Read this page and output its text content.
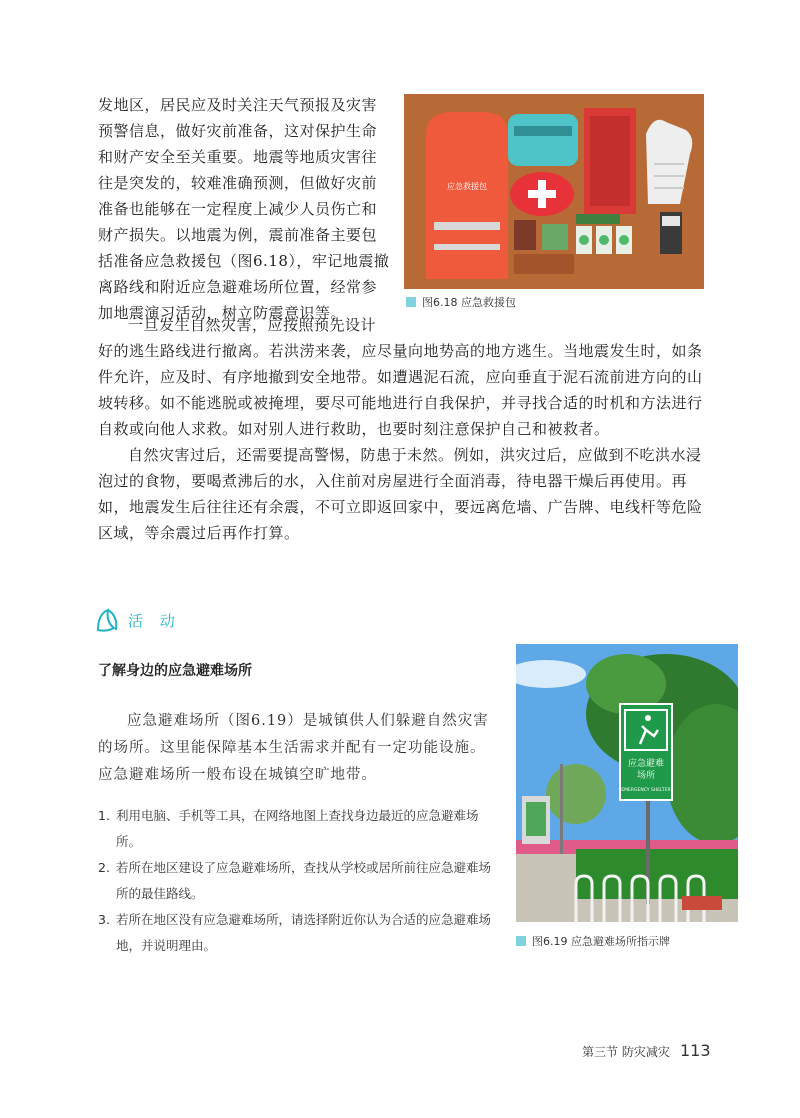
发地区，居民应及时关注天气预报及灾害预警信息，做好灾前准备，这对保护生命和财产安全至关重要。地震等地质灾害往往是突发的，较难准确预测，但做好灾前准备也能够在一定程度上减少人员伤亡和财产损失。以地震为例，震前准备主要包括准备应急救援包（图6.18），牢记地震撤离路线和附近应急避难场所位置，经常参加地震演习活动，树立防震意识等。

应急救援包
图6.18 应急救援包

一旦发生自然灾害，应按照预先设计

好的逃生路线进行撤离。若洪涝来袭，应尽量向地势高的地方逃生。当地震发生时，如条件允许，应及时、有序地撤到安全地带。如遭遇泥石流，应向垂直于泥石流前进方向的山坡转移。如不能逃脱或被掩埋，要尽可能地进行自我保护，并寻找合适的时机和方法进行自救或向他人求救。如对别人进行救助，也要时刻注意保护自己和被救者。

自然灾害过后，还需要提高警惕，防患于未然。例如，洪灾过后，应做到不吃洪水浸泡过的食物，要喝煮沸后的水，入住前对房屋进行全面消毒，待电器干燥后再使用。再如，地震发生后往往还有余震，不可立即返回家中，要远离危墙、广告牌、电线杆等危险区域，等余震过后再作打算。

活 动
了解身边的应急避难场所

应急避难场所（图6.19）是城镇供人们躲避自然灾害的场所。这里能保障基本生活需求并配有一定功能设施。应急避难场所一般布设在城镇空旷地带。

1. 利用电脑、手机等工具，在网络地图上查找身边最近的应急避难场所。
2. 若所在地区建设了应急避难场所，查找从学校或居所前往应急避难场所的最佳路线。
3. 若所在地区没有应急避难场所，请选择附近你认为合适的应急避难场地，并说明理由。
应急避难
场所
EMERGENCY SHELTER
图6.19 应急避难场所指示牌
第三节 防灾减灾 113
